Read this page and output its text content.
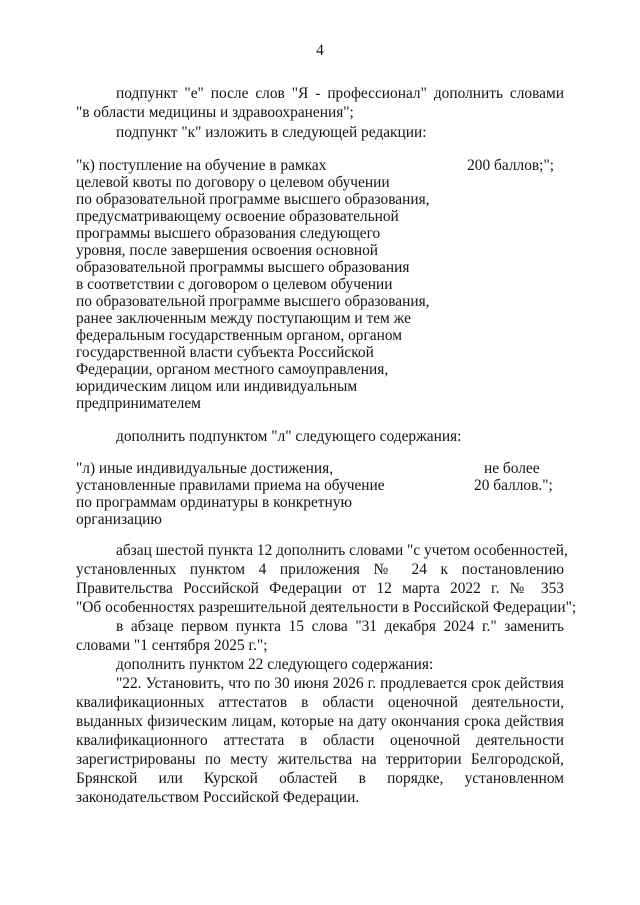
4
подпункт "е" после слов "Я - профессионал" дополнить словами
"в области медицины и здравоохранения";
подпункт "к" изложить в следующей редакции:
"к) поступление на обучение в рамках
целевой квоты по договору о целевом обучении
по образовательной программе высшего образования,
предусматривающему освоение образовательной
программы высшего образования следующего
уровня, после завершения освоения основной
образовательной программы высшего образования
в соответствии с договором о целевом обучении
по образовательной программе высшего образования,
ранее заключенным между поступающим и тем же
федеральным государственным органом, органом
государственной власти субъекта Российской
Федерации, органом местного самоуправления,
юридическим лицом или индивидуальным
предпринимателем
200 баллов;";
дополнить подпунктом "л" следующего содержания:
"л) иные индивидуальные достижения,
установленные правилами приема на обучение
по программам ординатуры в конкретную
организацию
не более
20 баллов.";
абзац шестой пункта 12 дополнить словами "с учетом особенностей,
установленных пунктом 4 приложения № 24 к постановлению
Правительства Российской Федерации от 12 марта 2022 г. № 353
"Об особенностях разрешительной деятельности в Российской Федерации";
в абзаце первом пункта 15 слова "31 декабря 2024 г." заменить
словами "1 сентября 2025 г.";
дополнить пунктом 22 следующего содержания:
"22. Установить, что по 30 июня 2026 г. продлевается срок действия
квалификационных аттестатов в области оценочной деятельности,
выданных физическим лицам, которые на дату окончания срока действия
квалификационного аттестата в области оценочной деятельности
зарегистрированы по месту жительства на территории Белгородской,
Брянской или Курской областей в порядке, установленном
законодательством Российской Федерации.
